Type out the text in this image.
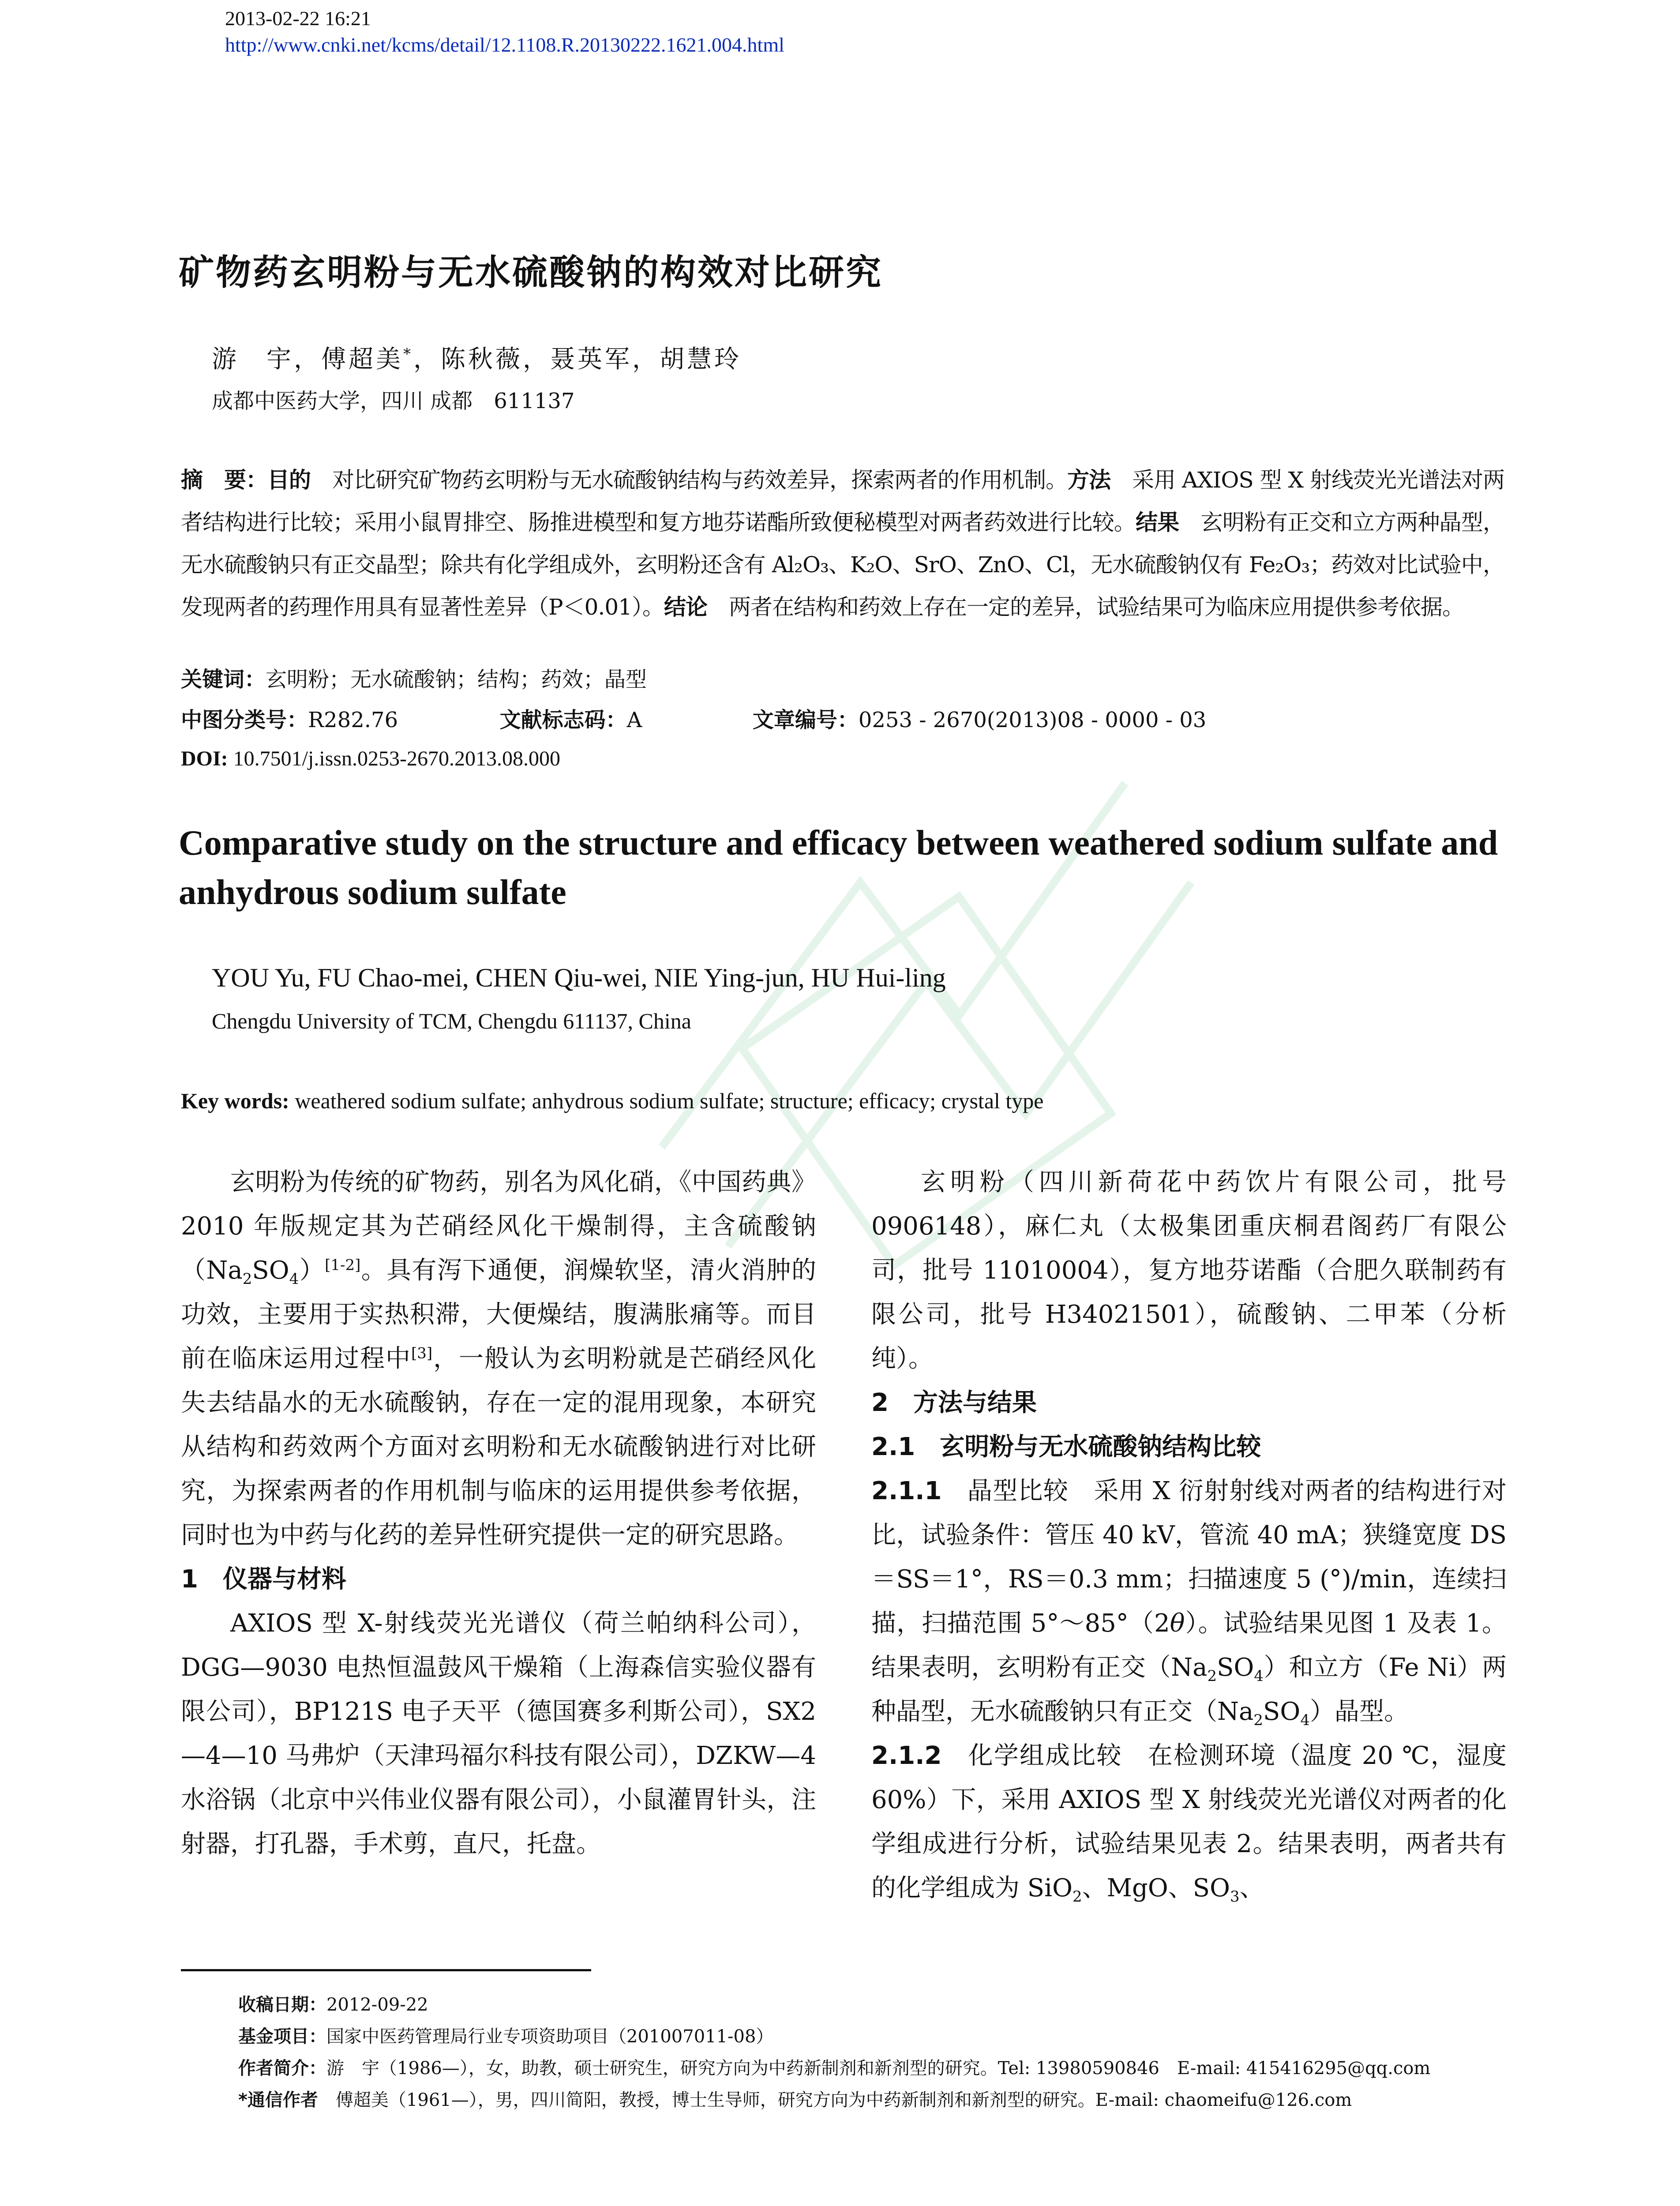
2013-02-22 16:21
http://www.cnki.net/kcms/detail/12.1108.R.20130222.1621.004.html
矿物药玄明粉与无水硫酸钠的构效对比研究
游　宇，傅超美*，陈秋薇，聂英军，胡慧玲
成都中医药大学，四川 成都　611137
摘　要：目的　 对比研究矿物药玄明粉与无水硫酸钠结构与药效差异，探索两者的作用机制。方法　 采用 AXIOS 型 X 射线荧光光谱法对两者结构进行比较；采用小鼠胃排空、肠推进模型和复方地芬诺酯所致便秘模型对两者药效进行比较。结果　 玄明粉有正交和立方两种晶型，无水硫酸钠只有正交晶型；除共有化学组成外，玄明粉还含有 Al₂O₃、K₂O、SrO、ZnO、Cl，无水硫酸钠仅有 Fe₂O₃；药效对比试验中，发现两者的药理作用具有显著性差异（P＜0.01）。结论　 两者在结构和药效上存在一定的差异，试验结果可为临床应用提供参考依据。
关键词：玄明粉；无水硫酸钠；结构；药效；晶型
中图分类号：R282.76	文献标志码：A	文章编号：0253 - 2670(2013)08 - 0000 - 03
DOI: 10.7501/j.issn.0253-2670.2013.08.000
Comparative study on the structure and efficacy between weathered sodium sulfate and anhydrous sodium sulfate
YOU Yu, FU Chao-mei, CHEN Qiu-wei, NIE Ying-jun, HU Hui-ling
Chengdu University of TCM, Chengdu 611137, China
Key words: weathered sodium sulfate; anhydrous sodium sulfate; structure; efficacy; crystal type

玄明粉为传统的矿物药，别名为风化硝，《中国药典》2010 年版规定其为芒硝经风化干燥制得，主含硫酸钠$(Na_2SO_4)[1-2]$。具有泻下通便，润燥软坚，清火消肿的功效，主要用于实热积滞，大便燥结，腹满胀痛等。而目前在临床运用过程中[3]，一般认为玄明粉就是芒硝经风化失去结晶水的无水硫酸钠，存在一定的混用现象，本研究从结构和药效两个方面对玄明粉和无水硫酸钠进行对比研究，为探索两者的作用机制与临床的运用提供参考依据，同时也为中药与化药的差异性研究提供一定的研究思路。

1　仪器与材料

AXIOS 型 X-射线荧光光谱仪（荷兰帕纳科公司），DGG—9030 电热恒温鼓风干燥箱（上海森信实验仪器有限公司），BP121S 电子天平（德国赛多利斯公司），SX2—4—10 马弗炉（天津玛福尔科技有限公司），DZKW—4 水浴锅（北京中兴伟业仪器有限公司），小鼠灌胃针头，注射器，打孔器，手术剪，直尺，托盘。

玄明粉（四川新荷花中药饮片有限公司，批号 0906148），麻仁丸（太极集团重庆桐君阁药厂有限公司，批号 11010004），复方地芬诺酯（合肥久联制药有限公司，批号 H34021501），硫酸钠、二甲苯（分析纯）。

2　方法与结果

2.1　玄明粉与无水硫酸钠结构比较

2.1.1　 晶型比较　 采用 X 衍射射线对两者的结构进行对比，试验条件：管压 40 kV，管流 40 mA；狭缝宽度 DS＝SS＝1°，RS＝0.3 mm；扫描速度 5 (°)/min，连续扫描，扫描范围 5°～85°（2θ）。试验结果见图 1 及表 1。结果表明，玄明粉有正交$(Na_2SO_4)$和立方（Fe Ni）两种晶型，无水硫酸钠只有正交$(Na_2SO_4)$晶型。

2.1.2　 化学组成比较　 在检测环境（温度 20 ℃，湿度 60%）下，采用 AXIOS 型 X 射线荧光光谱仪对两者的化学组成进行分析，试验结果见表 2。结果表明，两者共有的化学组成为 SiO$_2$、MgO、$SO_3$、

收稿日期：2012-09-22
基金项目：国家中医药管理局行业专项资助项目（201007011-08）
作者简介：游　宇（1986—），女，助教，硕士研究生，研究方向为中药新制剂和新剂型的研究。Tel: 13980590846　E-mail: 415416295@qq.com
*通信作者　 傅超美（1961—），男，四川简阳，教授，博士生导师，研究方向为中药新制剂和新剂型的研究。E-mail: chaomeifu@126.com
